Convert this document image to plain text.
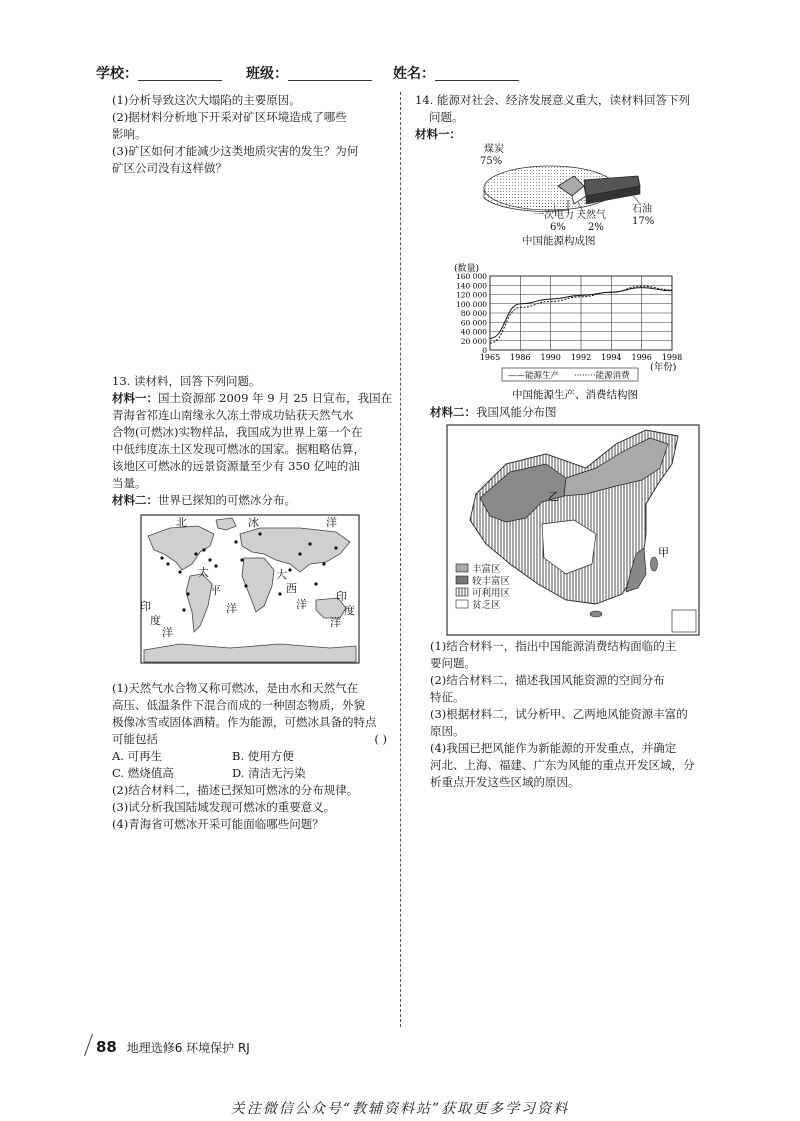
学校：	班级：	姓名：

(1)分析导致这次大塌陷的主要原因。

(2)据材料分析地下开采对矿区环境造成了哪些

影响。

(3)矿区如何才能减少这类地质灾害的发生？为何

矿区公司没有这样做？

13. 读材料，回答下列问题。

材料一：国土资源部 2009 年 9 月 25 日宣布，我国在

青海省祁连山南缘永久冻土带成功钻获天然气水

合物(可燃冰)实物样品，我国成为世界上第一个在

中低纬度冻土区发现可燃冰的国家。据粗略估算，

该地区可燃冰的远景资源量至少有 350 亿吨的油

当量。

材料二：世界已探知的可燃冰分布。

北	冰	洋
太
平
洋
大
西
洋
印
度
洋
印
度
洋

(1)天然气水合物又称可燃冰，是由水和天然气在

高压、低温条件下混合而成的一种固态物质，外貌

极像冰雪或固体酒精。作为能源，可燃冰具备的特点

可能包括	( )

A. 可再生	B. 使用方便
C. 燃烧值高	D. 清洁无污染

(2)结合材料二，描述已探知可燃冰的分布规律。

(3)试分析我国陆域发现可燃冰的重要意义。

(4)青海省可燃冰开采可能面临哪些问题？

14. 能源对社会、经济发展意义重大，读材料回答下列

问题。

材料一：

煤炭
75%
石油
17%
一次电力
6%
天然气
2%
中国能源构成图
(数量)
160 000
140 000
120 000
100 000
80 000
60 000
40 000
20 000
0
1965 1986 1990 1992 1994 1996 1998
(年份)
——能源生产 ········能源消费
中国能源生产、消费结构图

材料二：我国风能分布图

乙
甲
丰富区
较丰富区
可利用区
贫乏区

(1)结合材料一，指出中国能源消费结构面临的主

要问题。

(2)结合材料二，描述我国风能资源的空间分布

特征。

(3)根据材料二，试分析甲、乙两地风能资源丰富的

原因。

(4)我国已把风能作为新能源的开发重点，并确定

河北、上海、福建、广东为风能的重点开发区域，分

析重点开发这些区域的原因。

88 地理选修6 环境保护 RJ
关注微信公众号“教辅资料站”获取更多学习资料
